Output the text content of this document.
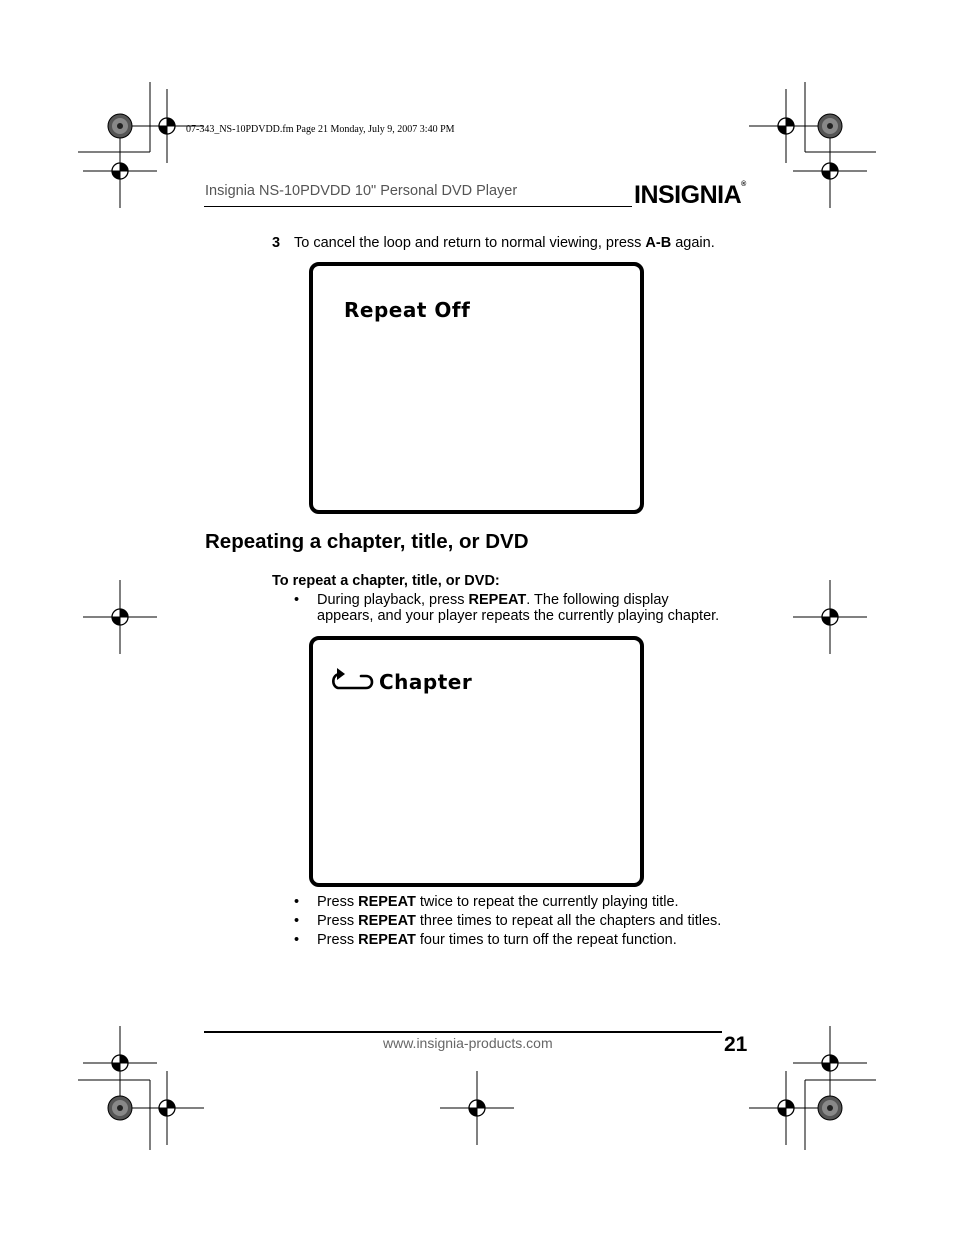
07-343_NS-10PDVDD.fm Page 21 Monday, July 9, 2007 3:40 PM
Insignia NS-10PDVDD 10" Personal DVD Player	INSIGNIA®
3 To cancel the loop and return to normal viewing, press A-B again.
Repeat Off
Repeating a chapter, title, or DVD
To repeat a chapter, title, or DVD:
• During playback, press REPEAT. The following display
appears, and your player repeats the currently playing chapter.
Chapter
• Press REPEAT twice to repeat the currently playing title.
• Press REPEAT three times to repeat all the chapters and titles.
• Press REPEAT four times to turn off the repeat function.
www.insignia-products.com	21
